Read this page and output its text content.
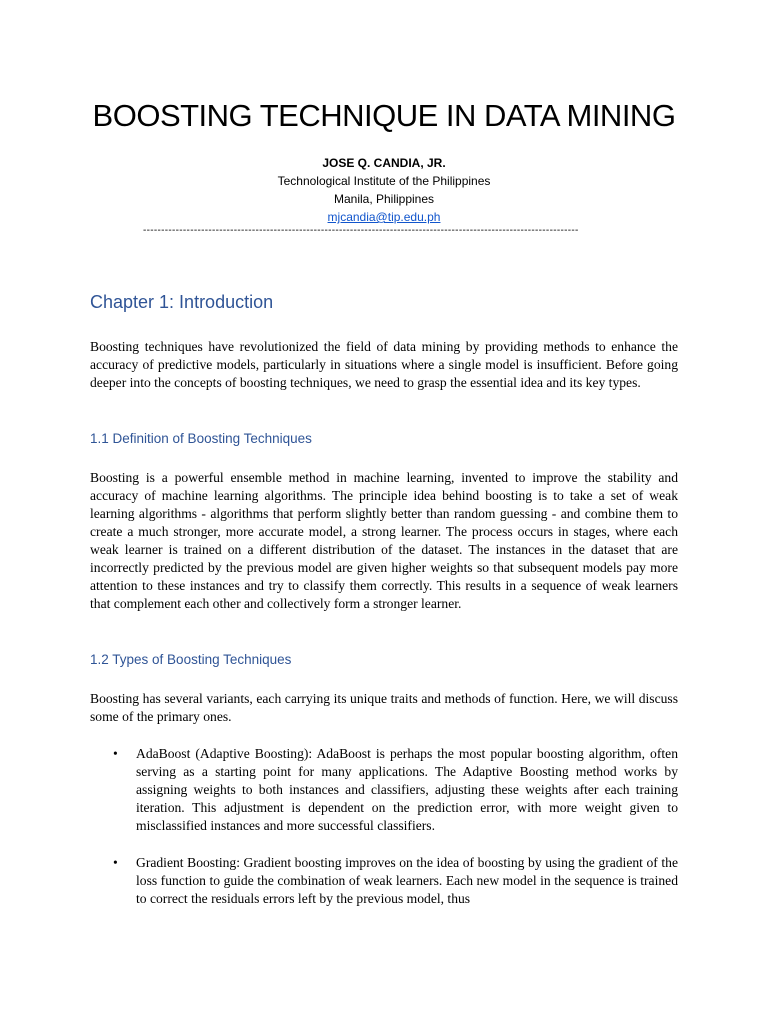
BOOSTING TECHNIQUE IN DATA MINING
JOSE Q. CANDIA, JR.
Technological Institute of the Philippines
Manila, Philippines
mjcandia@tip.edu.ph
------------------------------------------------------------------------------------------------------------------------
Chapter 1: Introduction

Boosting techniques have revolutionized the field of data mining by providing methods to enhance the accuracy of predictive models, particularly in situations where a single model is insufficient. Before going deeper into the concepts of boosting techniques, we need to grasp the essential idea and its key types.

1.1 Definition of Boosting Techniques

Boosting is a powerful ensemble method in machine learning, invented to improve the stability and accuracy of machine learning algorithms. The principle idea behind boosting is to take a set of weak learning algorithms - algorithms that perform slightly better than random guessing - and combine them to create a much stronger, more accurate model, a strong learner. The process occurs in stages, where each weak learner is trained on a different distribution of the dataset. The instances in the dataset that are incorrectly predicted by the previous model are given higher weights so that subsequent models pay more attention to these instances and try to classify them correctly. This results in a sequence of weak learners that complement each other and collectively form a stronger learner.

1.2 Types of Boosting Techniques

Boosting has several variants, each carrying its unique traits and methods of function. Here, we will discuss some of the primary ones.

• AdaBoost (Adaptive Boosting): AdaBoost is perhaps the most popular boosting algorithm, often serving as a starting point for many applications. The Adaptive Boosting method works by assigning weights to both instances and classifiers, adjusting these weights after each training iteration. This adjustment is dependent on the prediction error, with more weight given to misclassified instances and more successful classifiers.

• Gradient Boosting: Gradient boosting improves on the idea of boosting by using the gradient of the loss function to guide the combination of weak learners. Each new model in the sequence is trained to correct the residuals errors left by the previous model, thus
